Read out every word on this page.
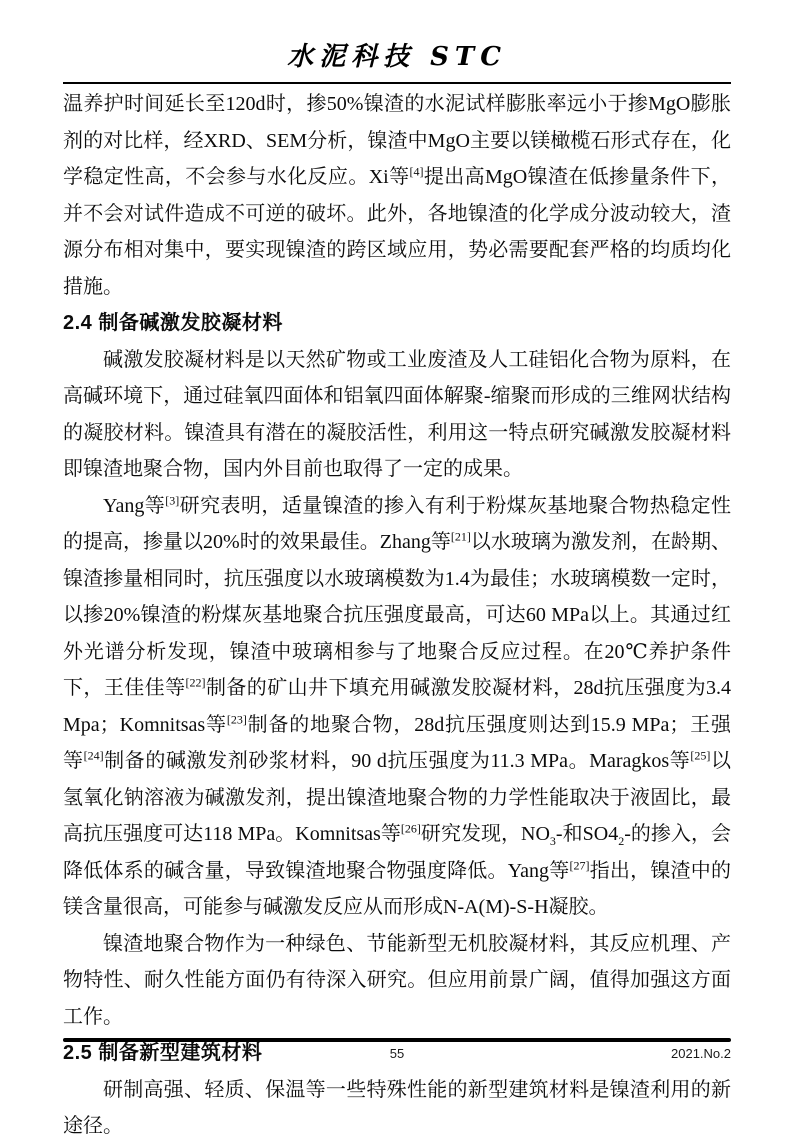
水泥科技 STC

温养护时间延长至120d时，掺50%镍渣的水泥试样膨胀率远小于掺MgO膨胀剂的对比样，经XRD、SEM分析，镍渣中MgO主要以镁橄榄石形式存在，化学稳定性高，不会参与水化反应。Xi等[4]提出高MgO镍渣在低掺量条件下，并不会对试件造成不可逆的破坏。此外，各地镍渣的化学成分波动较大，渣源分布相对集中，要实现镍渣的跨区域应用，势必需要配套严格的均质均化措施。

2.4 制备碱激发胶凝材料

碱激发胶凝材料是以天然矿物或工业废渣及人工硅铝化合物为原料，在高碱环境下，通过硅氧四面体和铝氧四面体解聚-缩聚而形成的三维网状结构的凝胶材料。镍渣具有潜在的凝胶活性，利用这一特点研究碱激发胶凝材料即镍渣地聚合物，国内外目前也取得了一定的成果。

Yang等[3]研究表明，适量镍渣的掺入有利于粉煤灰基地聚合物热稳定性的提高，掺量以20%时的效果最佳。Zhang等[21]以水玻璃为激发剂，在龄期、镍渣掺量相同时，抗压强度以水玻璃模数为1.4为最佳；水玻璃模数一定时，以掺20%镍渣的粉煤灰基地聚合抗压强度最高，可达60 MPa以上。其通过红外光谱分析发现，镍渣中玻璃相参与了地聚合反应过程。在20℃养护条件下，王佳佳等[22]制备的矿山井下填充用碱激发胶凝材料，28d抗压强度为3.4 Mpa；Komnitsas等[23]制备的地聚合物，28d抗压强度则达到15.9 MPa；王强等[24]制备的碱激发剂砂浆材料，90 d抗压强度为11.3 MPa。Maragkos等[25]以氢氧化钠溶液为碱激发剂，提出镍渣地聚合物的力学性能取决于液固比，最高抗压强度可达118 MPa。Komnitsas等[26]研究发现，$NO_3-$和$SO4_2-$的掺入，会降低体系的碱含量，导致镍渣地聚合物强度降低。Yang等[27]指出，镍渣中的镁含量很高，可能参与碱激发反应从而形成N-A(M)-S-H凝胶。

镍渣地聚合物作为一种绿色、节能新型无机胶凝材料，其反应机理、产物特性、耐久性能方面仍有待深入研究。但应用前景广阔，值得加强这方面工作。

2.5 制备新型建筑材料

研制高强、轻质、保温等一些特殊性能的新型建筑材料是镍渣利用的新途径。

55	2021.No.2
